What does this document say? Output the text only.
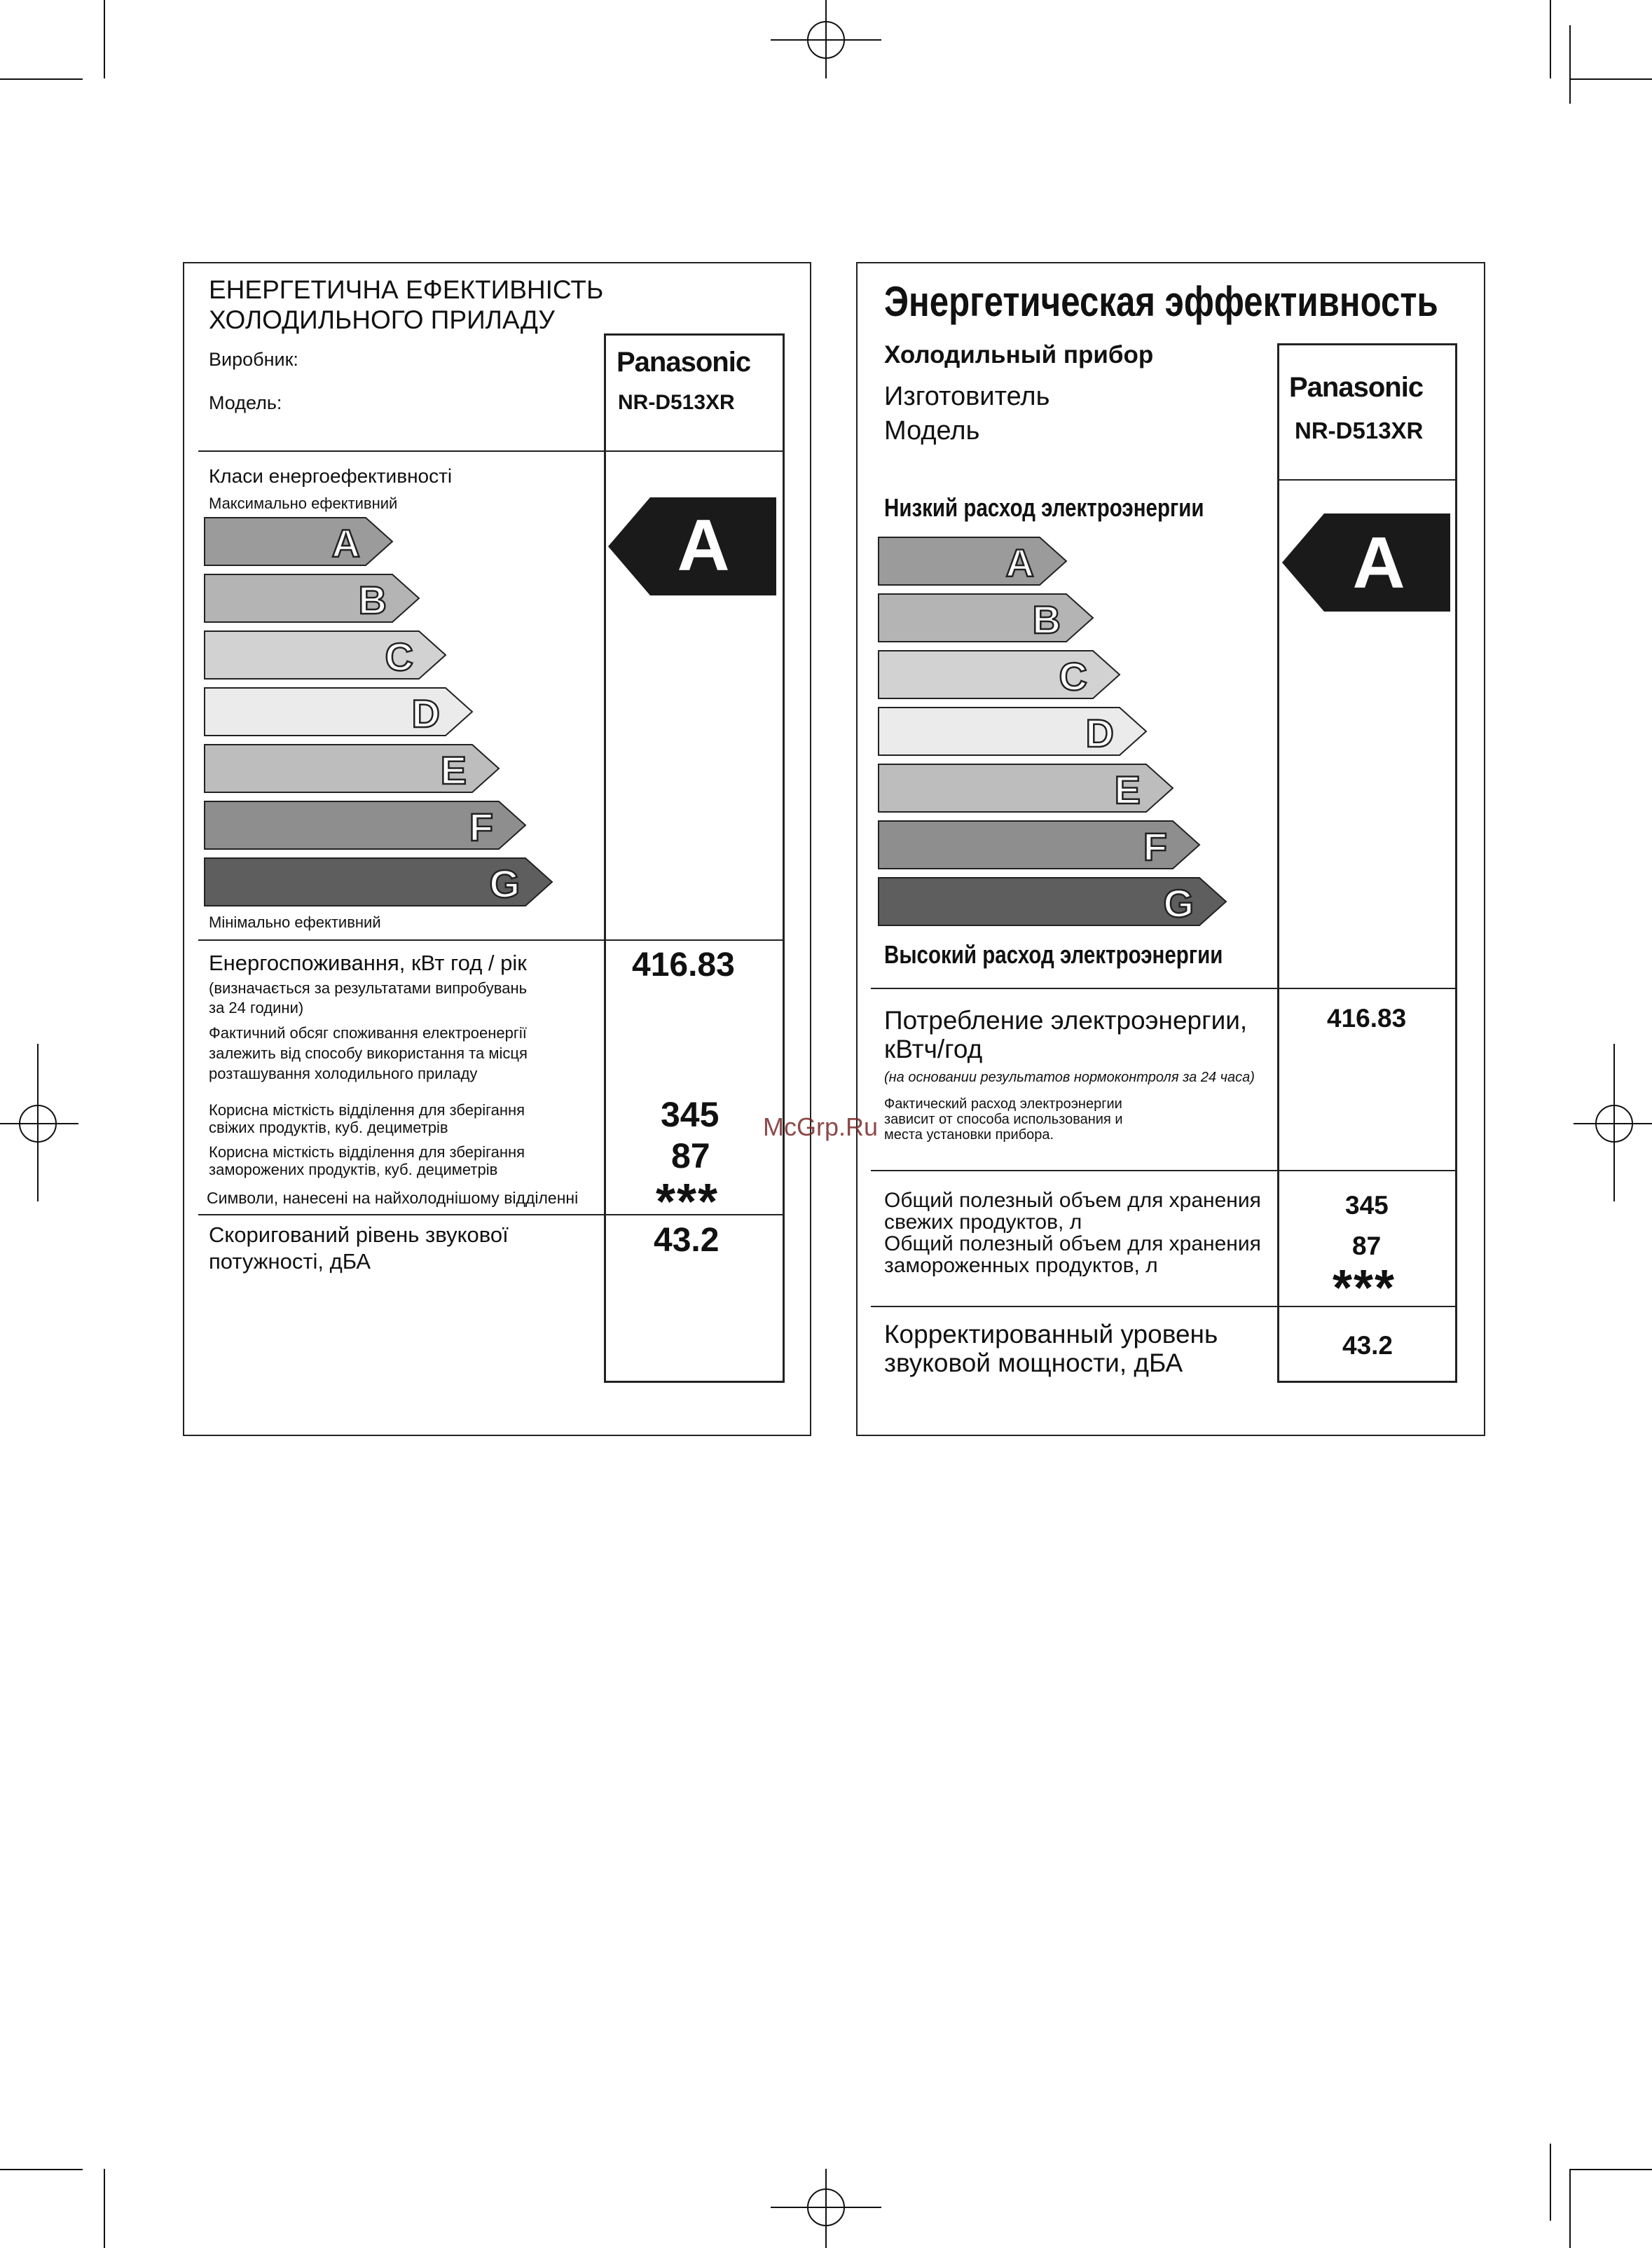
ЕНЕРГЕТИЧНА ЕФЕКТИВНІСТЬ
ХОЛОДИЛЬНОГО ПРИЛАДУ
Виробник:
Модель:
Panasonic
NR-D513XR
Класи енергоефективності
Максимально ефективний
A
B
C
D
E
F
G
A
Мінімально ефективний
Енергоспоживання, кВт год / рік
(визначається за результатами випробувань
за 24 години)
Фактичний обсяг споживання електроенергії
залежить від способу використання та місця
розташування холодильного приладу
416.83
Корисна місткість відділення для зберігання
свіжих продуктів, куб. дециметрів	345
Корисна місткість відділення для зберігання
заморожених продуктів, куб. дециметрів	87
Символи, нанесені на найхолоднішому відділенні ***
Скоригований рівень звукової
потужності, дБА
43.2
Энергетическая эффективность
Холодильный прибор
Изготовитель
Модель
Panasonic
NR-D513XR
Низкий расход электроэнергии
A
B
C
D
E
F
G
A
Высокий расход электроэнергии
Потребление электроэнергии,
кВтч/год
(на основании результатов нормоконтроля за 24 часа)
Фактический расход электроэнергии
зависит от способа использования и
места установки прибора.
416.83
Общий полезный объем для хранения
свежих продуктов, л
Общий полезный объем для хранения
замороженных продуктов, л
345
87
***
Корректированный уровень
звуковой мощности, дБА
43.2
McGrp.Ru
